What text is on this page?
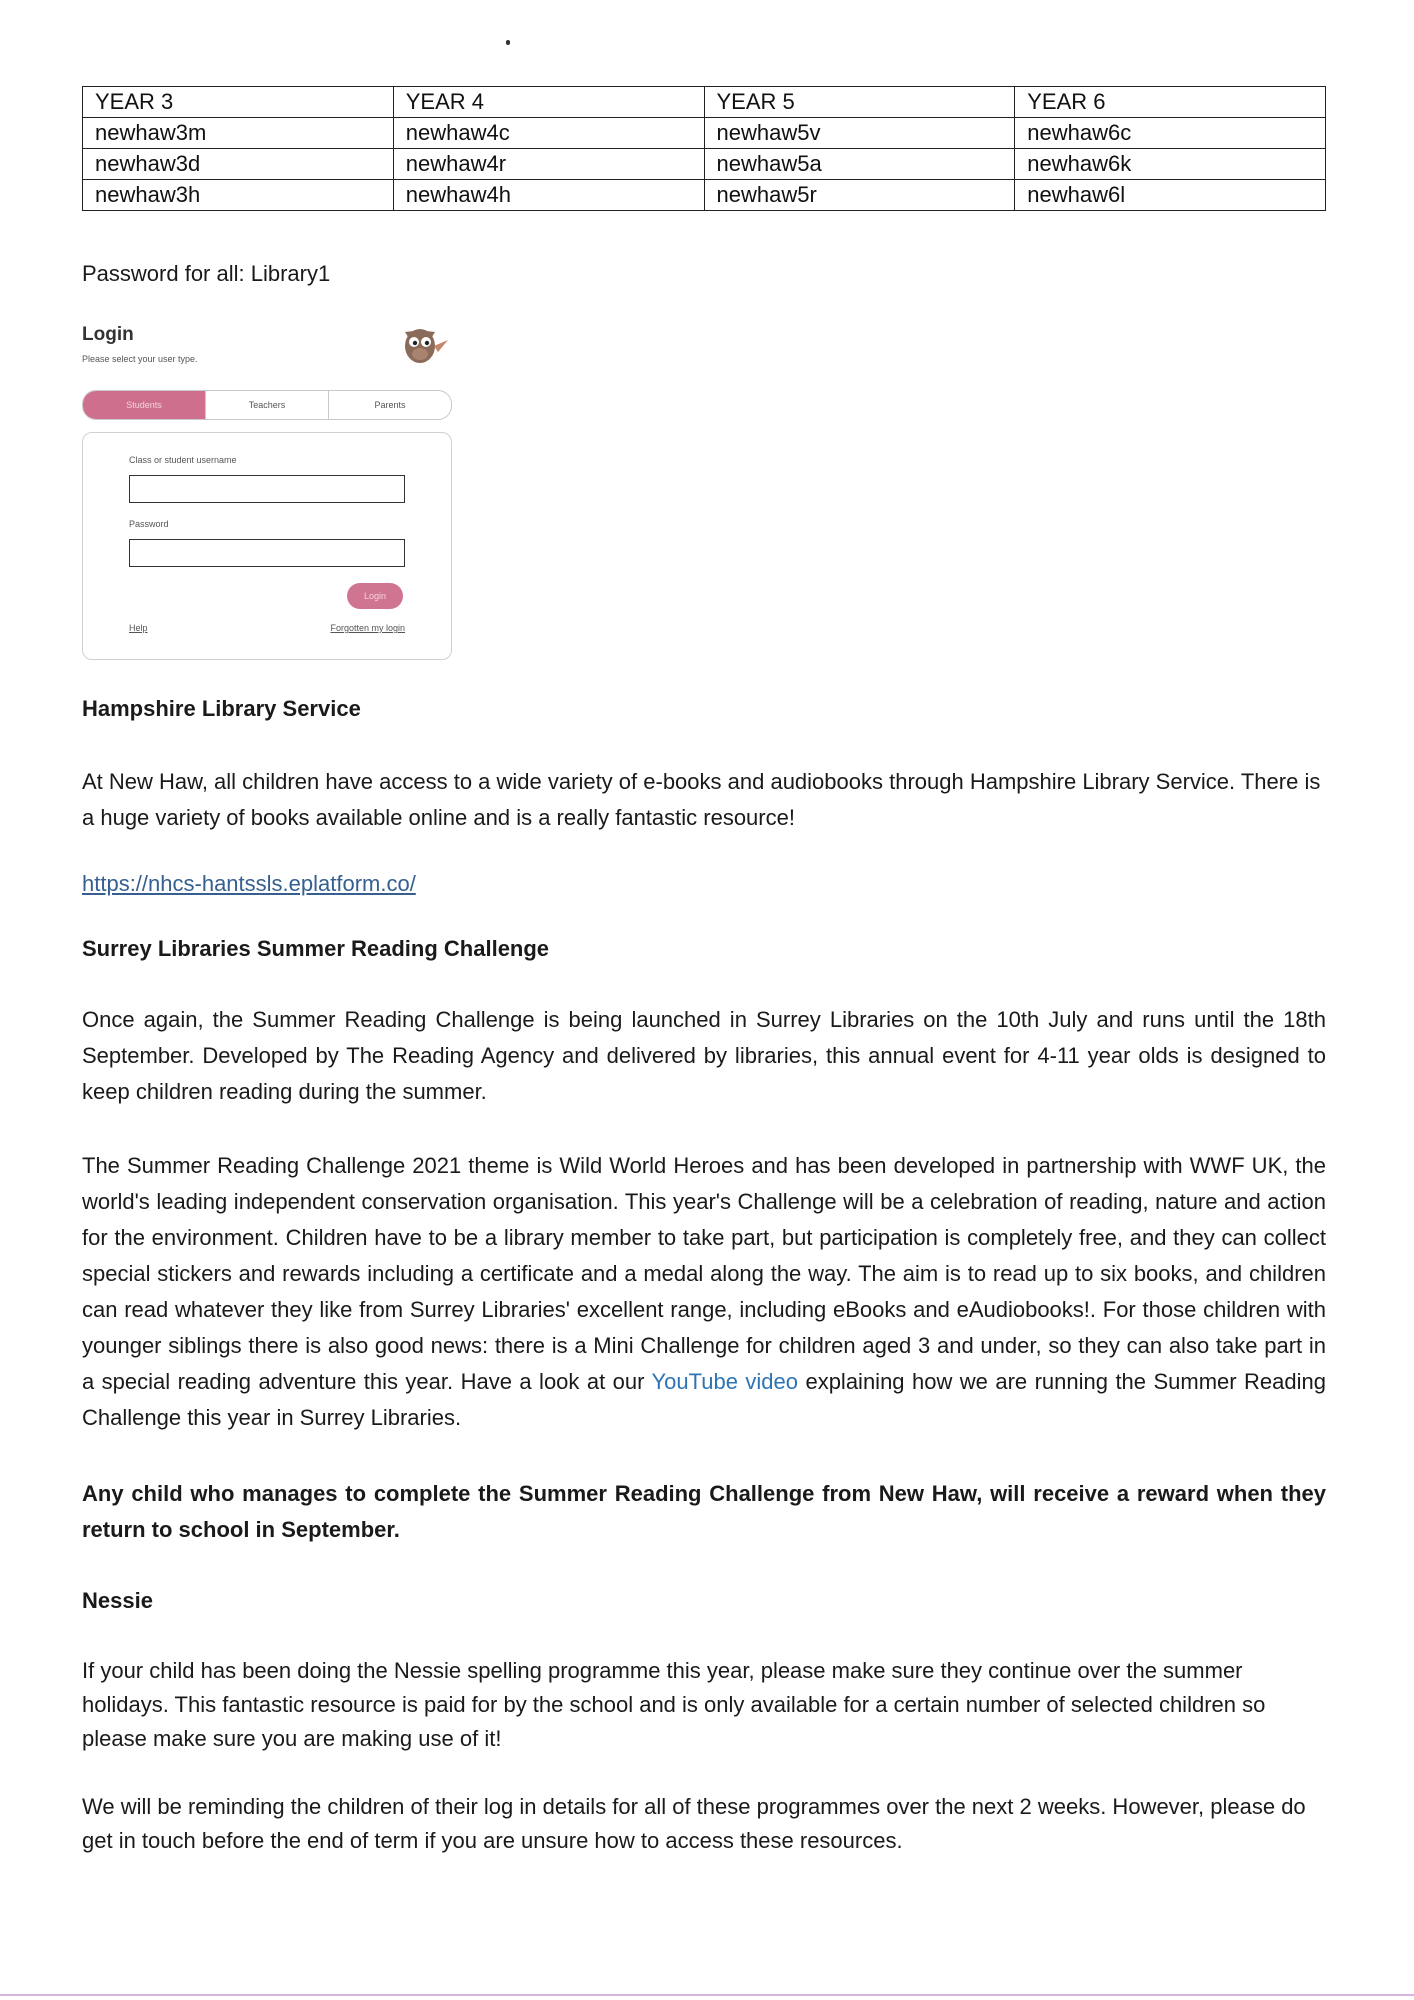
YEAR 3	YEAR 4	YEAR 5	YEAR 6
newhaw3m	newhaw4c	newhaw5v	newhaw6c
newhaw3d	newhaw4r	newhaw5a	newhaw6k
newhaw3h	newhaw4h	newhaw5r	newhaw6l
Password for all: Library1
Login
Please select your user type.
Students	Teachers	Parents
Class or student username
Password
Login
Help	Forgotten my login
Hampshire Library Service
At New Haw, all children have access to a wide variety of e-books and audiobooks through Hampshire Library Service. There is a huge variety of books available online and is a really fantastic resource!
https://nhcs-hantssls.eplatform.co/
Surrey Libraries Summer Reading Challenge
Once again, the Summer Reading Challenge is being launched in Surrey Libraries on the 10th July and runs until the 18th September. Developed by The Reading Agency and delivered by libraries, this annual event for 4-11 year olds is designed to keep children reading during the summer.
The Summer Reading Challenge 2021 theme is Wild World Heroes and has been developed in partnership with WWF UK, the world's leading independent conservation organisation. This year's Challenge will be a celebration of reading, nature and action for the environment. Children have to be a library member to take part, but participation is completely free, and they can collect special stickers and rewards including a certificate and a medal along the way. The aim is to read up to six books, and children can read whatever they like from Surrey Libraries' excellent range, including eBooks and eAudiobooks!. For those children with younger siblings there is also good news: there is a Mini Challenge for children aged 3 and under, so they can also take part in a special reading adventure this year. Have a look at our YouTube video explaining how we are running the Summer Reading Challenge this year in Surrey Libraries.
Any child who manages to complete the Summer Reading Challenge from New Haw, will receive a reward when they return to school in September.
Nessie
If your child has been doing the Nessie spelling programme this year, please make sure they continue over the summer holidays. This fantastic resource is paid for by the school and is only available for a certain number of selected children so please make sure you are making use of it!
We will be reminding the children of their log in details for all of these programmes over the next 2 weeks. However, please do get in touch before the end of term if you are unsure how to access these resources.
